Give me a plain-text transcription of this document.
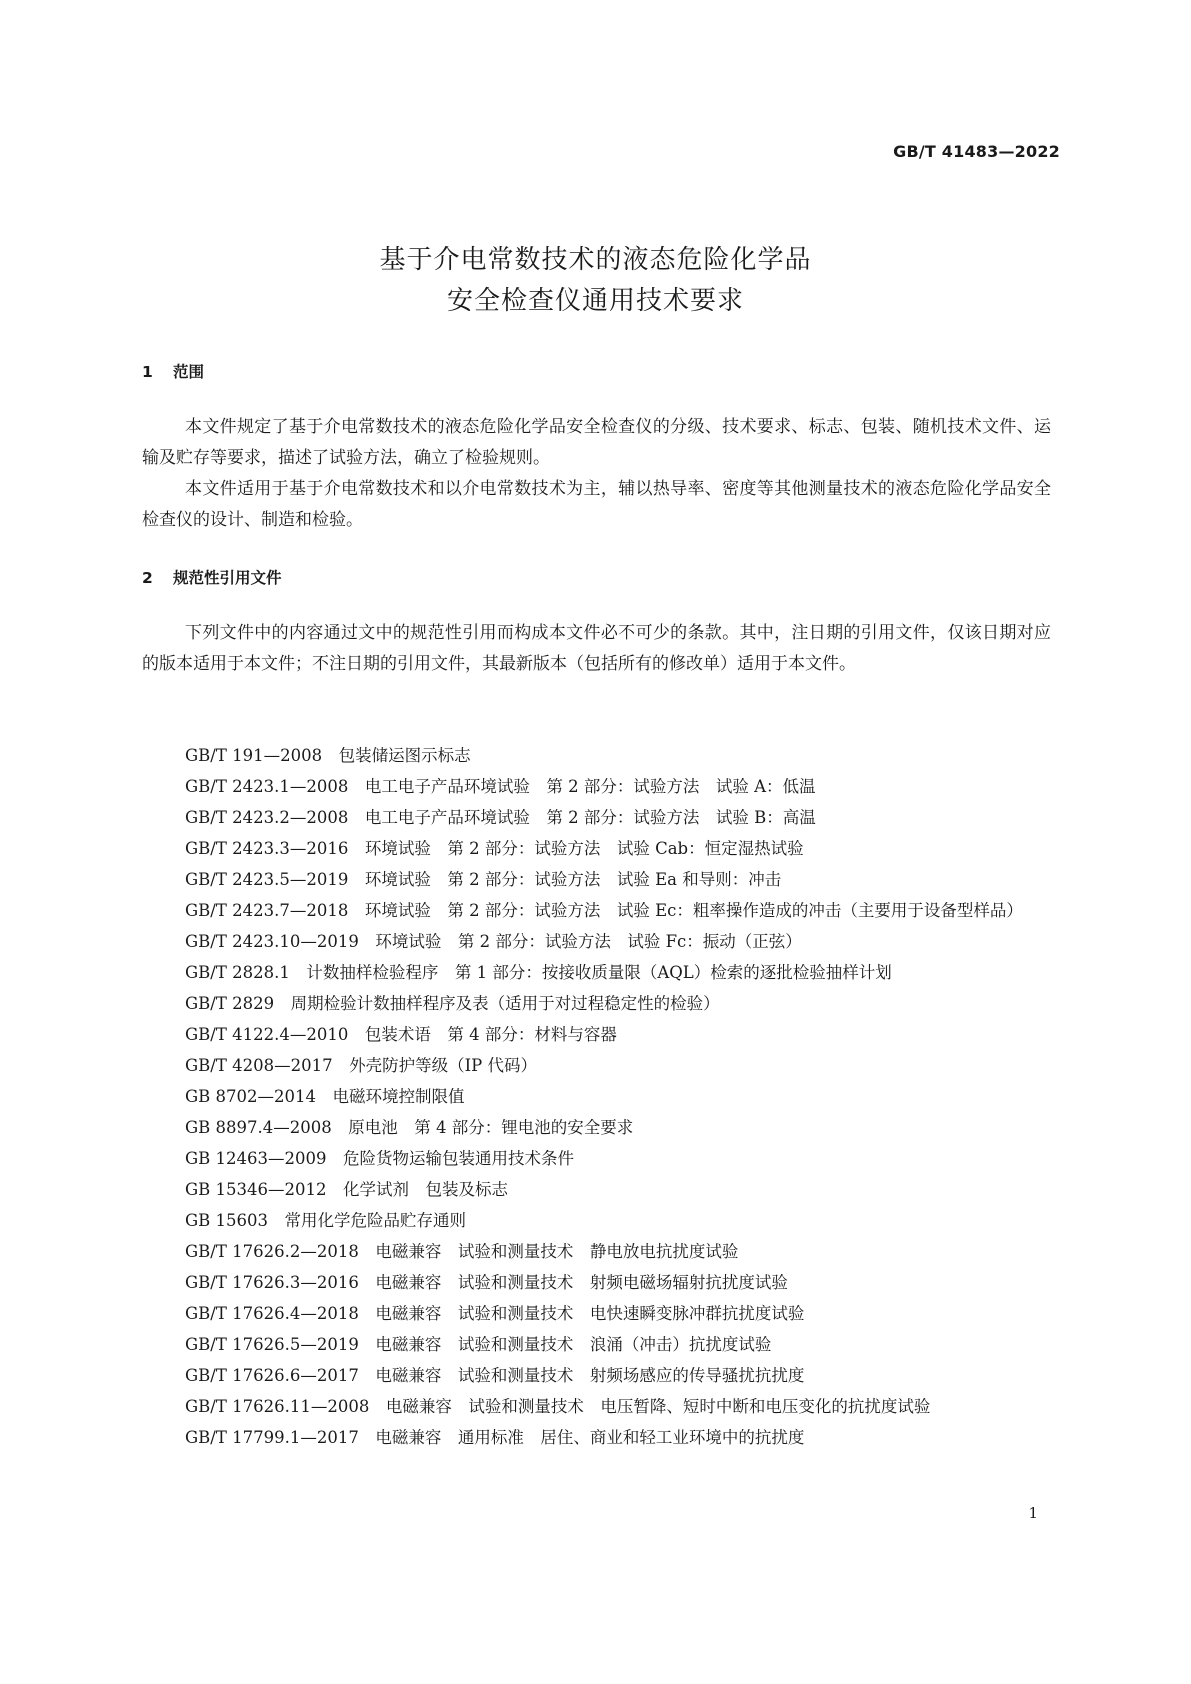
GB/T 41483—2022
基于介电常数技术的液态危险化学品
安全检查仪通用技术要求
1 范围

本文件规定了基于介电常数技术的液态危险化学品安全检查仪的分级、技术要求、标志、包装、随机技术文件、运输及贮存等要求，描述了试验方法，确立了检验规则。

本文件适用于基于介电常数技术和以介电常数技术为主，辅以热导率、密度等其他测量技术的液态危险化学品安全检查仪的设计、制造和检验。

2 规范性引用文件

下列文件中的内容通过文中的规范性引用而构成本文件必不可少的条款。其中，注日期的引用文件，仅该日期对应的版本适用于本文件；不注日期的引用文件，其最新版本（包括所有的修改单）适用于本文件。

GB/T 191—2008　包装储运图示标志
GB/T 2423.1—2008　电工电子产品环境试验　第 2 部分：试验方法　试验 A：低温
GB/T 2423.2—2008　电工电子产品环境试验　第 2 部分：试验方法　试验 B：高温
GB/T 2423.3—2016　环境试验　第 2 部分：试验方法　试验 Cab：恒定湿热试验
GB/T 2423.5—2019　环境试验　第 2 部分：试验方法　试验 Ea 和导则：冲击
GB/T 2423.7—2018　环境试验　第 2 部分：试验方法　试验 Ec：粗率操作造成的冲击（主要用于设备型样品）
GB/T 2423.10—2019　环境试验　第 2 部分：试验方法　试验 Fc：振动（正弦）
GB/T 2828.1　计数抽样检验程序　第 1 部分：按接收质量限（AQL）检索的逐批检验抽样计划
GB/T 2829　周期检验计数抽样程序及表（适用于对过程稳定性的检验）
GB/T 4122.4—2010　包装术语　第 4 部分：材料与容器
GB/T 4208—2017　外壳防护等级（IP 代码）
GB 8702—2014　电磁环境控制限值
GB 8897.4—2008　原电池　第 4 部分：锂电池的安全要求
GB 12463—2009　危险货物运输包装通用技术条件
GB 15346—2012　化学试剂　包装及标志
GB 15603　常用化学危险品贮存通则
GB/T 17626.2—2018　电磁兼容　试验和测量技术　静电放电抗扰度试验
GB/T 17626.3—2016　电磁兼容　试验和测量技术　射频电磁场辐射抗扰度试验
GB/T 17626.4—2018　电磁兼容　试验和测量技术　电快速瞬变脉冲群抗扰度试验
GB/T 17626.5—2019　电磁兼容　试验和测量技术　浪涌（冲击）抗扰度试验
GB/T 17626.6—2017　电磁兼容　试验和测量技术　射频场感应的传导骚扰抗扰度
GB/T 17626.11—2008　电磁兼容　试验和测量技术　电压暂降、短时中断和电压变化的抗扰度试验
GB/T 17799.1—2017　电磁兼容　通用标准　居住、商业和轻工业环境中的抗扰度
1
